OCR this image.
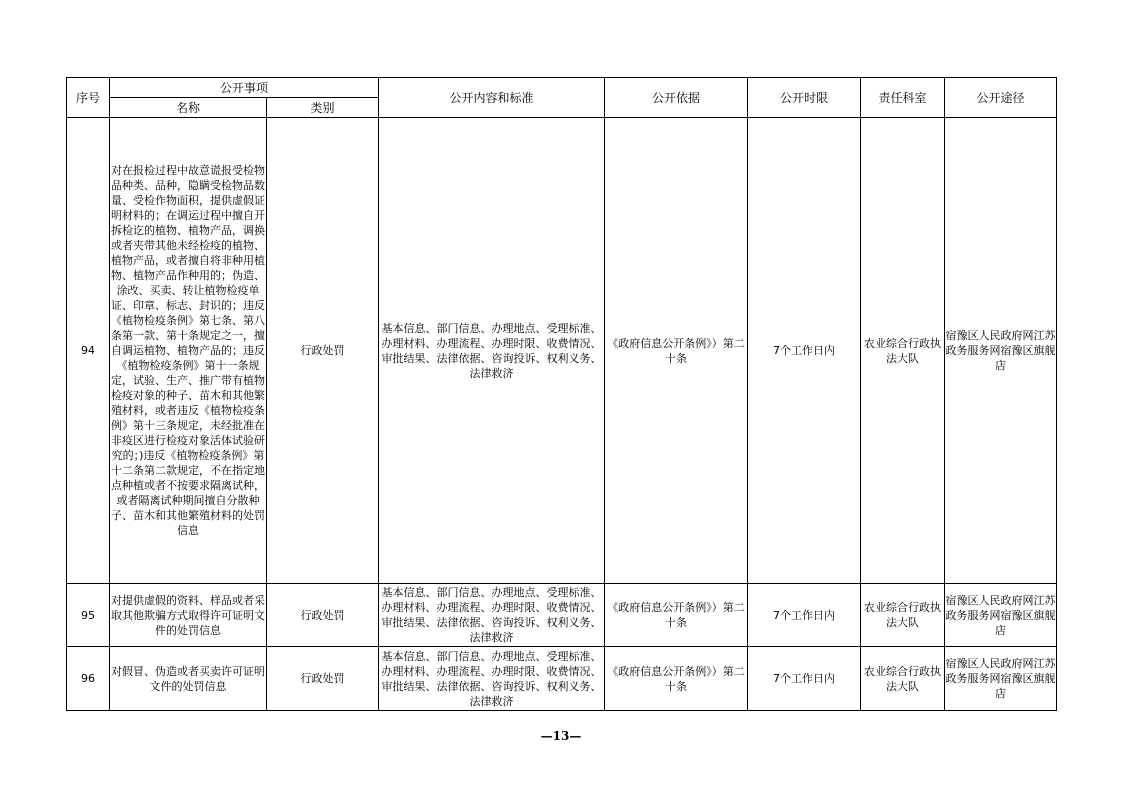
序号	公开事项		公开内容和标准	公开依据	公开时限	责任科室	公开途径
	名称	类别					
94	对在报检过程中故意谎报受检物品种类、品种，隐瞒受检物品数量、受检作物面积，提供虚假证明材料的；在调运过程中擅自开拆检讫的植物、植物产品，调换或者夹带其他未经检疫的植物、植物产品，或者擅自将非种用植物、植物产品作种用的；伪造、涂改、买卖、转让植物检疫单证、印章、标志、封识的；违反《植物检疫条例》第七条、第八条第一款、第十条规定之一，擅自调运植物、植物产品的；违反《植物检疫条例》第十一条规定，试验、生产、推广带有植物检疫对象的种子、苗木和其他繁殖材料，或者违反《植物检疫条例》第十三条规定，未经批准在非疫区进行检疫对象活体试验研究的；)违反《植物检疫条例》第十二条第二款规定，不在指定地点种植或者不按要求隔离试种，或者隔离试种期间擅自分散种子、苗木和其他繁殖材料的处罚信息	行政处罚	基本信息、部门信息、办理地点、受理标准、办理材料、办理流程、办理时限、收费情况、审批结果、法律依据、咨询投诉、权利义务、法律救济	《政府信息公开条例》）第二十条	7个工作日内	农业综合行政执法大队	宿豫区人民政府网江苏政务服务网宿豫区旗舰店
95	对提供虚假的资料、样品或者采取其他欺骗方式取得许可证明文件的处罚信息	行政处罚	基本信息、部门信息、办理地点、受理标准、办理材料、办理流程、办理时限、收费情况、审批结果、法律依据、咨询投诉、权利义务、法律救济	《政府信息公开条例》）第二十条	7个工作日内	农业综合行政执法大队	宿豫区人民政府网江苏政务服务网宿豫区旗舰店
96	对假冒、伪造或者买卖许可证明文件的处罚信息	行政处罚	基本信息、部门信息、办理地点、受理标准、办理材料、办理流程、办理时限、收费情况、审批结果、法律依据、咨询投诉、权利义务、法律救济	《政府信息公开条例》）第二十条	7个工作日内	农业综合行政执法大队	宿豫区人民政府网江苏政务服务网宿豫区旗舰店
—13—
